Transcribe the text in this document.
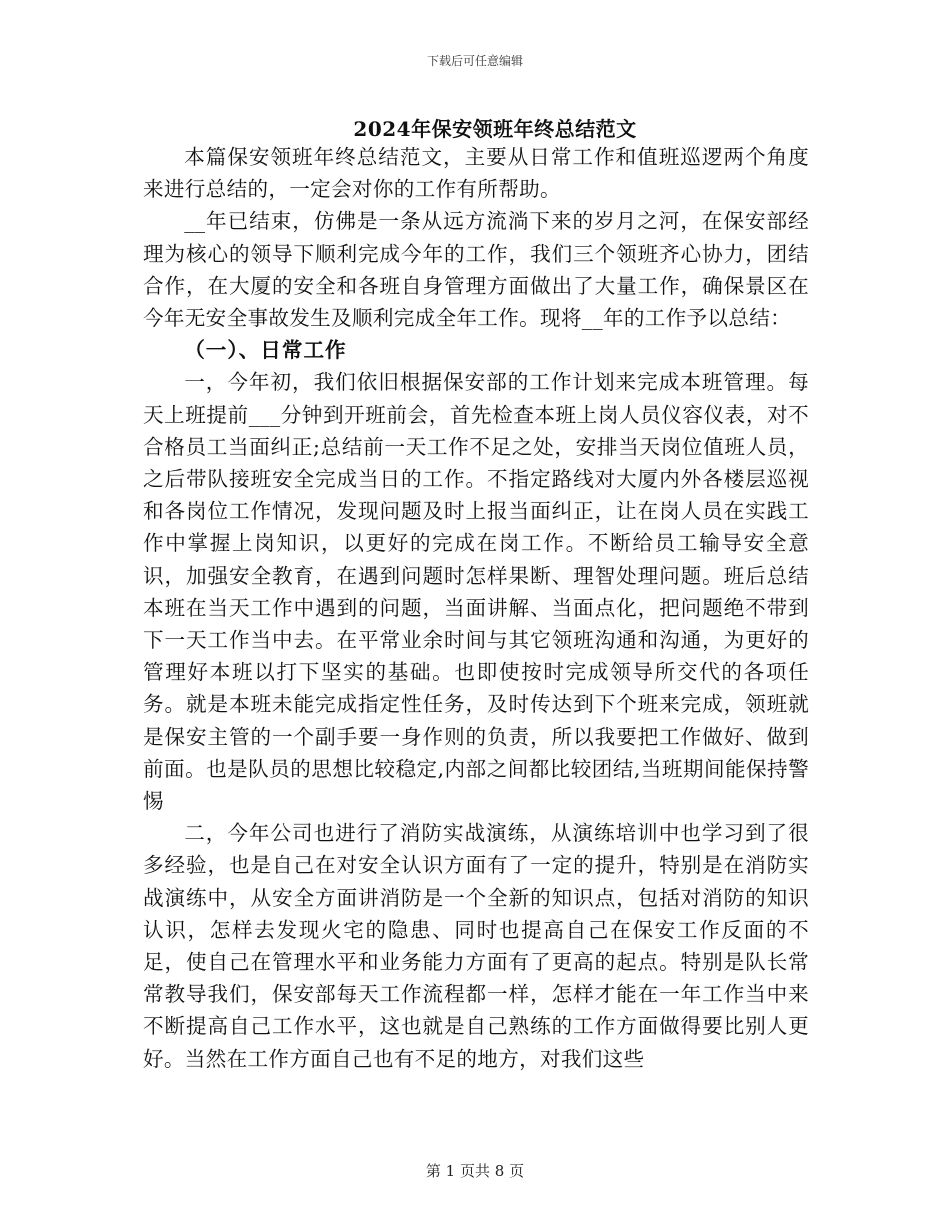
下载后可任意编辑
2024年保安领班年终总结范文

本篇保安领班年终总结范文，主要从日常工作和值班巡逻两个角度来进行总结的，一定会对你的工作有所帮助。

__年已结束，仿佛是一条从远方流淌下来的岁月之河，在保安部经理为核心的领导下顺利完成今年的工作，我们三个领班齐心协力，团结合作，在大厦的安全和各班自身管理方面做出了大量工作，确保景区在今年无安全事故发生及顺利完成全年工作。现将__年的工作予以总结：

（一）、日常工作

一，今年初，我们依旧根据保安部的工作计划来完成本班管理。每天上班提前___分钟到开班前会，首先检查本班上岗人员仪容仪表，对不合格员工当面纠正;总结前一天工作不足之处，安排当天岗位值班人员，之后带队接班安全完成当日的工作。不指定路线对大厦内外各楼层巡视和各岗位工作情况，发现问题及时上报当面纠正，让在岗人员在实践工作中掌握上岗知识，以更好的完成在岗工作。不断给员工输导安全意识，加强安全教育，在遇到问题时怎样果断、理智处理问题。班后总结本班在当天工作中遇到的问题，当面讲解、当面点化，把问题绝不带到下一天工作当中去。在平常业余时间与其它领班沟通和沟通，为更好的管理好本班以打下坚实的基础。也即使按时完成领导所交代的各项任务。就是本班未能完成指定性任务，及时传达到下个班来完成，领班就是保安主管的一个副手要一身作则的负责，所以我要把工作做好、做到前面。也是队员的思想比较稳定,内部之间都比较团结,当班期间能保持警惕

二，今年公司也进行了消防实战演练，从演练培训中也学习到了很多经验，也是自己在对安全认识方面有了一定的提升，特别是在消防实战演练中，从安全方面讲消防是一个全新的知识点，包括对消防的知识认识，怎样去发现火宅的隐患、同时也提高自己在保安工作反面的不足，使自己在管理水平和业务能力方面有了更高的起点。特别是队长常常教导我们，保安部每天工作流程都一样，怎样才能在一年工作当中来不断提高自己工作水平，这也就是自己熟练的工作方面做得要比别人更好。当然在工作方面自己也有不足的地方，对我们这些

第 1 页共 8 页
